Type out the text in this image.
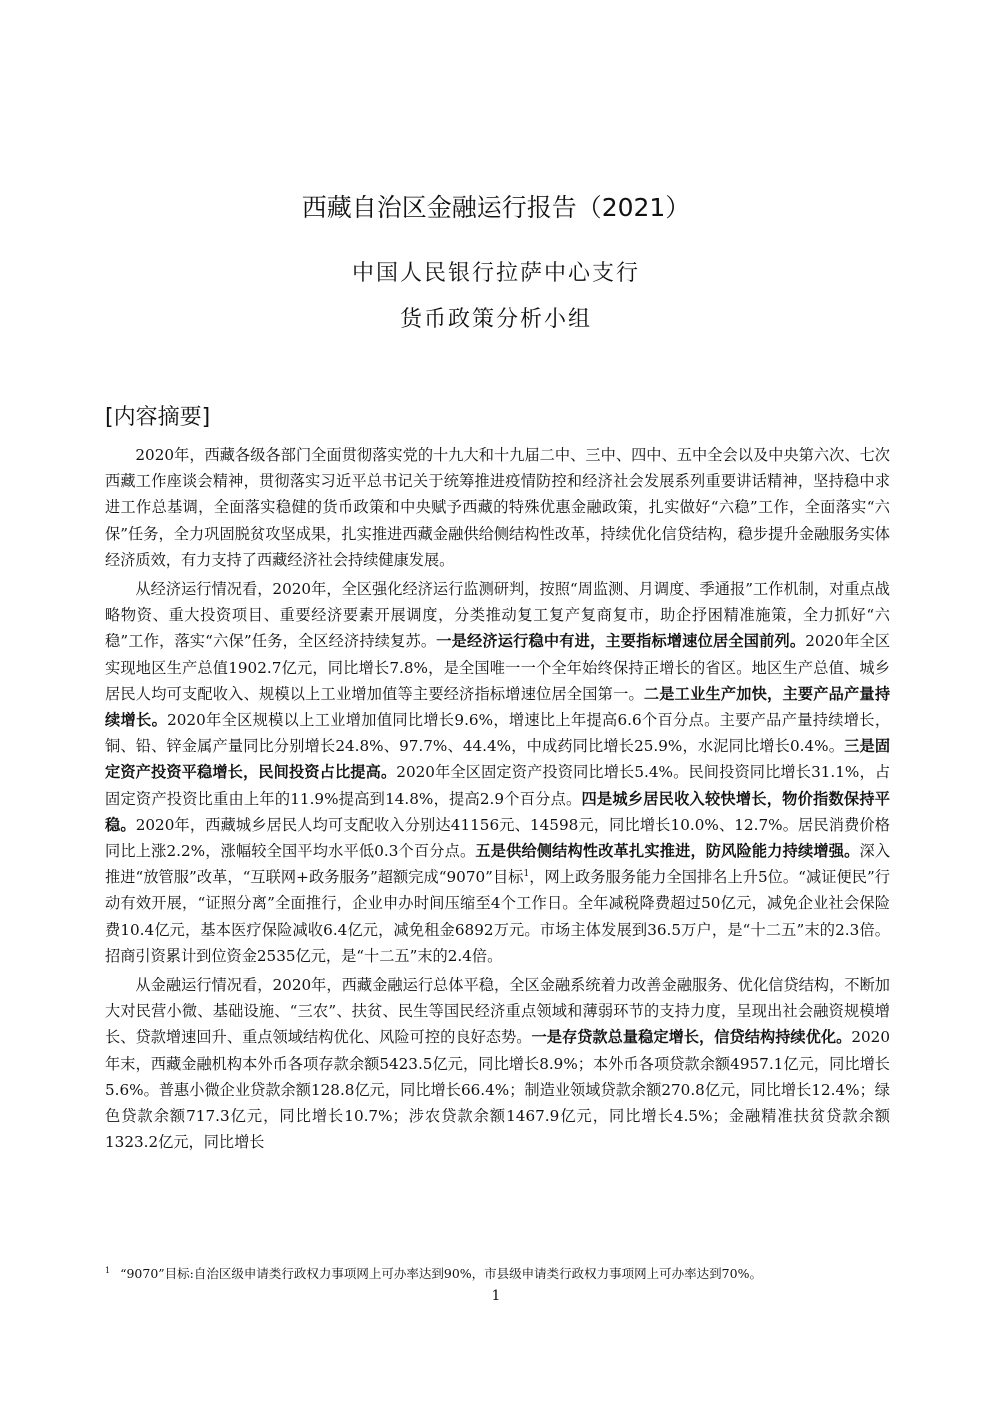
西藏自治区金融运行报告（2021）
中国人民银行拉萨中心支行
货币政策分析小组
[内容摘要]

2020年，西藏各级各部门全面贯彻落实党的十九大和十九届二中、三中、四中、五中全会以及中央第六次、七次西藏工作座谈会精神，贯彻落实习近平总书记关于统筹推进疫情防控和经济社会发展系列重要讲话精神，坚持稳中求进工作总基调，全面落实稳健的货币政策和中央赋予西藏的特殊优惠金融政策，扎实做好“六稳”工作，全面落实“六保”任务，全力巩固脱贫攻坚成果，扎实推进西藏金融供给侧结构性改革，持续优化信贷结构，稳步提升金融服务实体经济质效，有力支持了西藏经济社会持续健康发展。

从经济运行情况看，2020年，全区强化经济运行监测研判，按照“周监测、月调度、季通报”工作机制，对重点战略物资、重大投资项目、重要经济要素开展调度，分类推动复工复产复商复市，助企抒困精准施策，全力抓好“六稳”工作，落实“六保”任务，全区经济持续复苏。一是经济运行稳中有进，主要指标增速位居全国前列。2020年全区实现地区生产总值1902.7亿元，同比增长7.8%，是全国唯一一个全年始终保持正增长的省区。地区生产总值、城乡居民人均可支配收入、规模以上工业增加值等主要经济指标增速位居全国第一。二是工业生产加快，主要产品产量持续增长。2020年全区规模以上工业增加值同比增长9.6%，增速比上年提高6.6个百分点。主要产品产量持续增长，铜、铅、锌金属产量同比分别增长24.8%、97.7%、44.4%，中成药同比增长25.9%，水泥同比增长0.4%。三是固定资产投资平稳增长，民间投资占比提高。2020年全区固定资产投资同比增长5.4%。民间投资同比增长31.1%，占固定资产投资比重由上年的11.9%提高到14.8%，提高2.9个百分点。四是城乡居民收入较快增长，物价指数保持平稳。2020年，西藏城乡居民人均可支配收入分别达41156元、14598元，同比增长10.0%、12.7%。居民消费价格同比上涨2.2%，涨幅较全国平均水平低0.3个百分点。五是供给侧结构性改革扎实推进，防风险能力持续增强。深入推进“放管服”改革，“互联网+政务服务”超额完成“9070”目标$^1$，网上政务服务能力全国排名上升5位。“减证便民”行动有效开展，“证照分离”全面推行，企业申办时间压缩至4个工作日。全年减税降费超过50亿元，减免企业社会保险费10.4亿元，基本医疗保险减收6.4亿元，减免租金6892万元。市场主体发展到36.5万户，是“十二五”末的2.3倍。招商引资累计到位资金2535亿元，是“十二五”末的2.4倍。

从金融运行情况看，2020年，西藏金融运行总体平稳，全区金融系统着力改善金融服务、优化信贷结构，不断加大对民营小微、基础设施、“三农”、扶贫、民生等国民经济重点领域和薄弱环节的支持力度，呈现出社会融资规模增长、贷款增速回升、重点领域结构优化、风险可控的良好态势。一是存贷款总量稳定增长，信贷结构持续优化。2020年末，西藏金融机构本外币各项存款余额5423.5亿元，同比增长8.9%；本外币各项贷款余额4957.1亿元，同比增长5.6%。普惠小微企业贷款余额128.8亿元，同比增长66.4%；制造业领域贷款余额270.8亿元，同比增长12.4%；绿色贷款余额717.3亿元，同比增长10.7%；涉农贷款余额1467.9亿元，同比增长4.5%；金融精准扶贫贷款余额1323.2亿元，同比增长

$^1$ “9070”目标:自治区级申请类行政权力事项网上可办率达到90%，市县级申请类行政权力事项网上可办率达到70%。
1
